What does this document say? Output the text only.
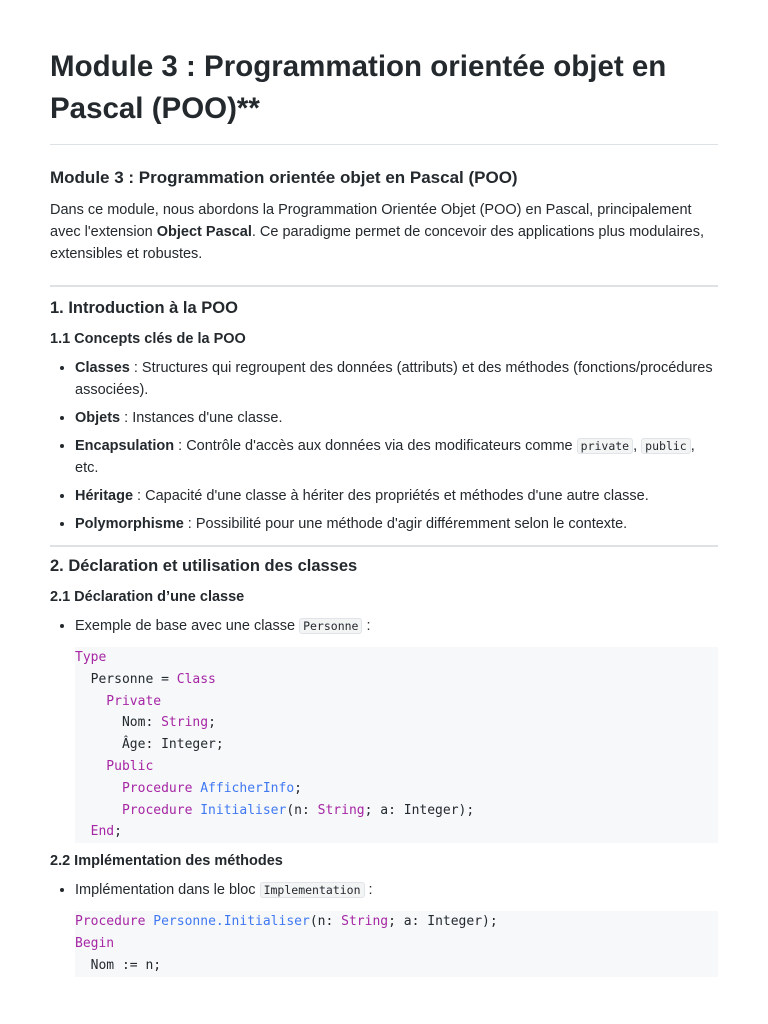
Module 3 : Programmation orientée objet en Pascal (POO)**
Module 3 : Programmation orientée objet en Pascal (POO)

Dans ce module, nous abordons la Programmation Orientée Objet (POO) en Pascal, principalement avec l'extension Object Pascal. Ce paradigme permet de concevoir des applications plus modulaires, extensibles et robustes.

1. Introduction à la POO
1.1 Concepts clés de la POO
• Classes : Structures qui regroupent des données (attributs) et des méthodes (fonctions/procédures associées).
• Objets : Instances d'une classe.
• Encapsulation : Contrôle d'accès aux données via des modificateurs comme private , public , etc.
• Héritage : Capacité d'une classe à hériter des propriétés et méthodes d'une autre classe.
• Polymorphisme : Possibilité pour une méthode d'agir différemment selon le contexte.
2. Déclaration et utilisation des classes
2.1 Déclaration d’une classe
• Exemple de base avec une classe Personne :
Type
Personne = Class
Private
Nom: String;
Âge: Integer;
Public
Procedure AfficherInfo;
Procedure Initialiser(n: String; a: Integer);
End;
2.2 Implémentation des méthodes
• Implémentation dans le bloc Implementation :
Procedure Personne.Initialiser(n: String; a: Integer);
Begin
Nom := n;
